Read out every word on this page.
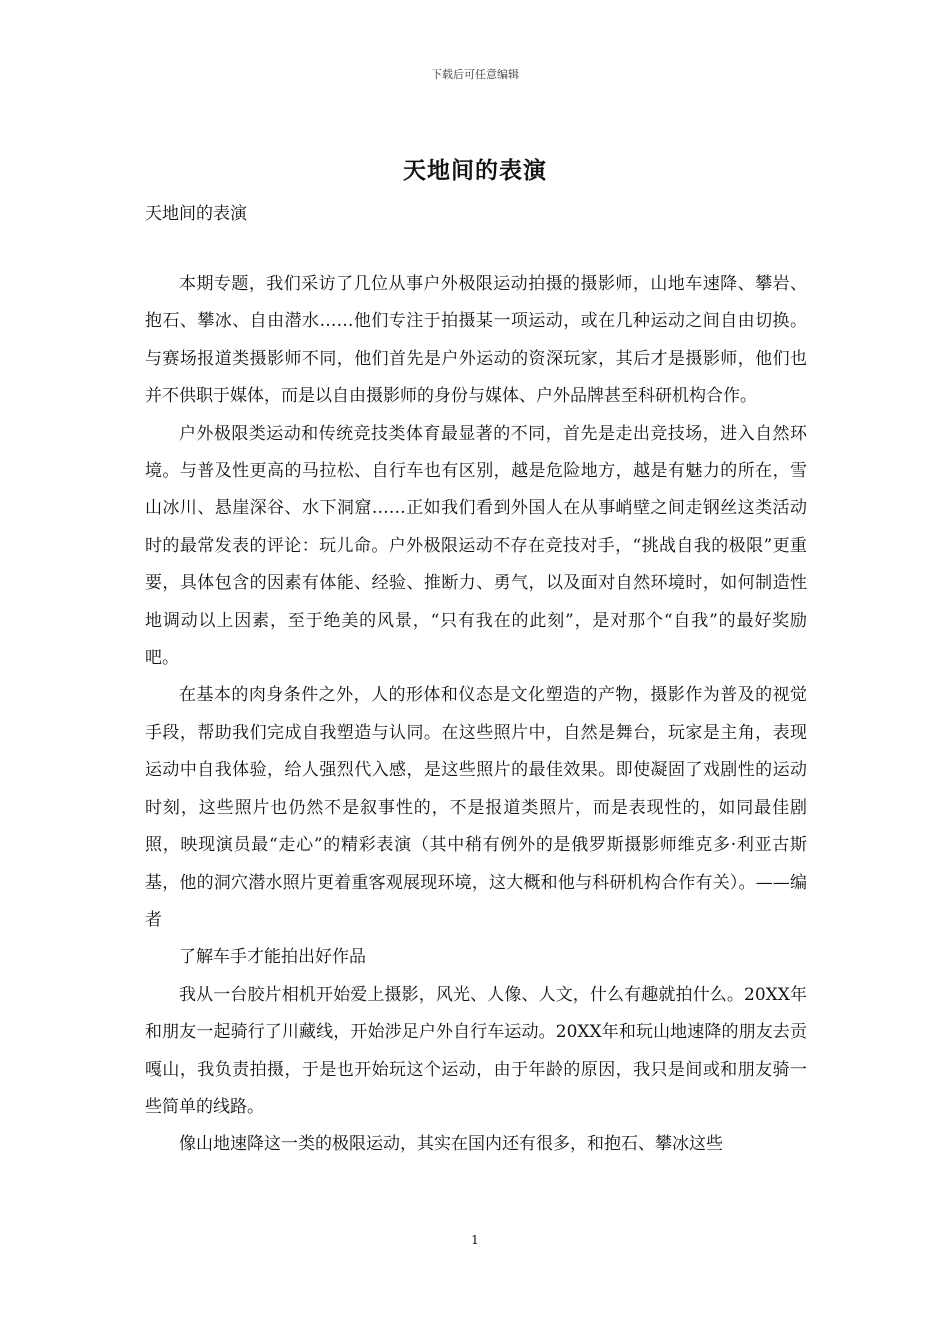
下载后可任意编辑
天地间的表演
天地间的表演

本期专题，我们采访了几位从事户外极限运动拍摄的摄影师，山地车速降、攀岩、抱石、攀冰、自由潜水……他们专注于拍摄某一项运动，或在几种运动之间自由切换。与赛场报道类摄影师不同，他们首先是户外运动的资深玩家，其后才是摄影师，他们也并不供职于媒体，而是以自由摄影师的身份与媒体、户外品牌甚至科研机构合作。

户外极限类运动和传统竞技类体育最显著的不同，首先是走出竞技场，进入自然环境。与普及性更高的马拉松、自行车也有区别，越是危险地方，越是有魅力的所在，雪山冰川、悬崖深谷、水下洞窟……正如我们看到外国人在从事峭壁之间走钢丝这类活动时的最常发表的评论：玩儿命。户外极限运动不存在竞技对手，“挑战自我的极限”更重要，具体包含的因素有体能、经验、推断力、勇气，以及面对自然环境时，如何制造性地调动以上因素，至于绝美的风景，“只有我在的此刻”，是对那个“自我”的最好奖励吧。

在基本的肉身条件之外，人的形体和仪态是文化塑造的产物，摄影作为普及的视觉手段，帮助我们完成自我塑造与认同。在这些照片中，自然是舞台，玩家是主角，表现运动中自我体验，给人强烈代入感，是这些照片的最佳效果。即使凝固了戏剧性的运动时刻，这些照片也仍然不是叙事性的，不是报道类照片，而是表现性的，如同最佳剧照，映现演员最“走心”的精彩表演（其中稍有例外的是俄罗斯摄影师维克多·利亚古斯基，他的洞穴潜水照片更着重客观展现环境，这大概和他与科研机构合作有关）。——编者

了解车手才能拍出好作品

我从一台胶片相机开始爱上摄影，风光、人像、人文，什么有趣就拍什么。20XX年和朋友一起骑行了川藏线，开始涉足户外自行车运动。20XX年和玩山地速降的朋友去贡嘎山，我负责拍摄，于是也开始玩这个运动，由于年龄的原因，我只是间或和朋友骑一些简单的线路。

像山地速降这一类的极限运动，其实在国内还有很多，和抱石、攀冰这些

1
